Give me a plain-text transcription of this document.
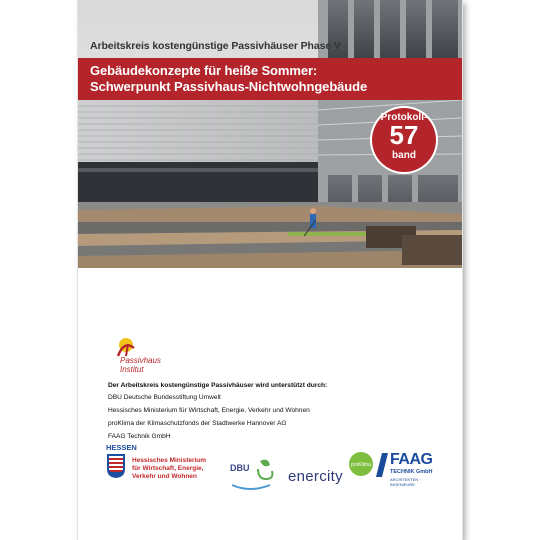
Arbeitskreis kostengünstige Passivhäuser Phase V
Gebäudekonzepte für heiße Sommer:
Schwerpunkt Passivhaus-Nichtwohngebäude
Protokoll-
57
band
Passivhaus
Institut
Der Arbeitskreis kostengünstige Passivhäuser wird unterstützt durch:
DBU Deutsche Bundesstiftung Umwelt
Hessisches Ministerium für Wirtschaft, Energie, Verkehr und Wohnen
proKlima der Klimaschutzfonds der Stadtwerke Hannover AG
FAAG Technik GmbH
HESSEN
Hessisches Ministerium
für Wirtschaft, Energie,
Verkehr und Wohnen
DBU	enercity
proKlima FAAG
TECHNIK GmbH
ARCHITEKTEN · INGENIEURE
